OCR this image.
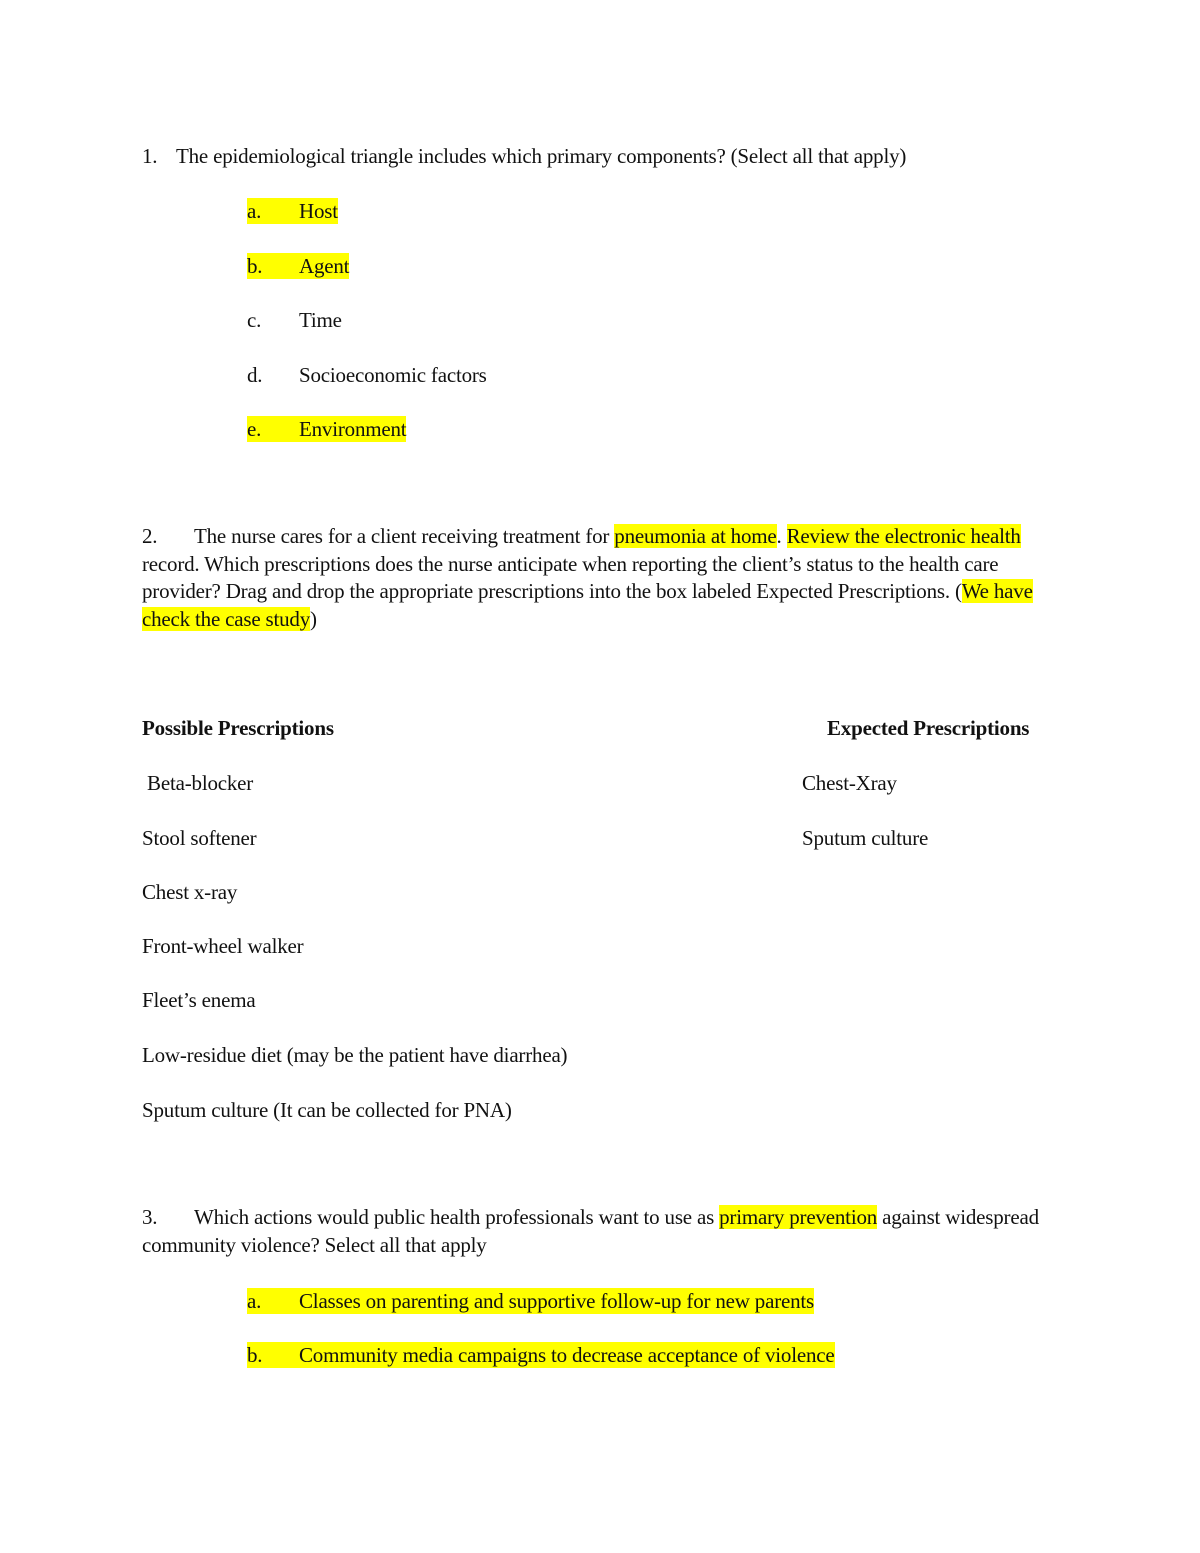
1. The epidemiological triangle includes which primary components? (Select all that apply)
a. Host
b. Agent
c. Time
d. Socioeconomic factors
e. Environment
2. The nurse cares for a client receiving treatment for pneumonia at home. Review the electronic health record. Which prescriptions does the nurse anticipate when reporting the client’s status to the health care provider? Drag and drop the appropriate prescriptions into the box labeled Expected Prescriptions. (We have check the case study)
Possible Prescriptions	Expected Prescriptions
Beta-blocker
Stool softener
Chest x-ray
Front-wheel walker
Fleet’s enema
Low-residue diet (may be the patient have diarrhea)
Sputum culture (It can be collected for PNA)
Chest-Xray
Sputum culture
3. Which actions would public health professionals want to use as primary prevention against widespread community violence? Select all that apply
a. Classes on parenting and supportive follow-up for new parents
b. Community media campaigns to decrease acceptance of violence
